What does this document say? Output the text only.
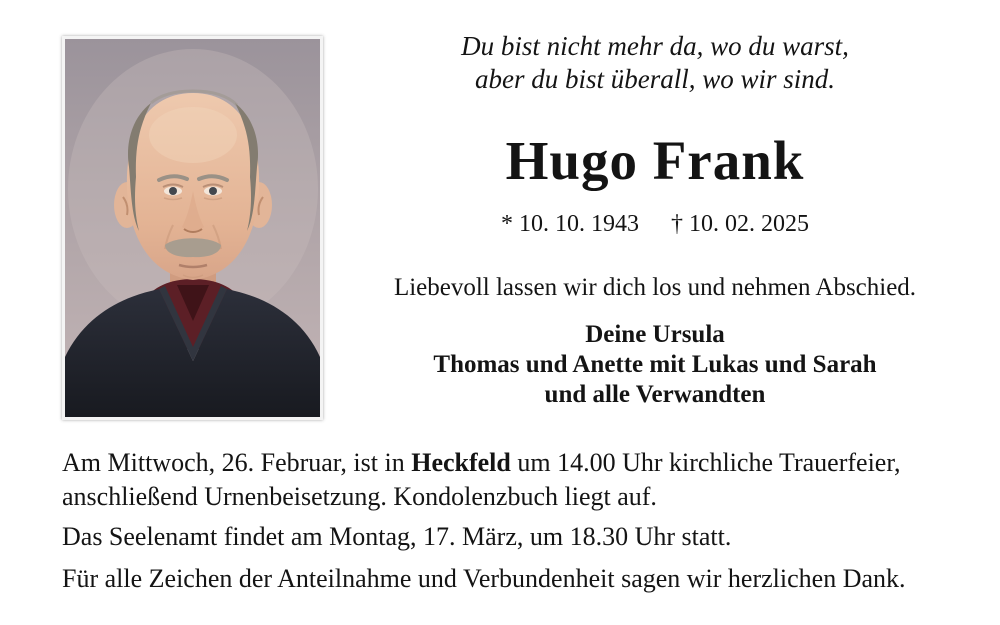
Du bist nicht mehr da, wo du warst,
aber du bist überall, wo wir sind.
Hugo Frank
* 10. 10. 1943 † 10. 02. 2025
Liebevoll lassen wir dich los und nehmen Abschied.
Deine Ursula
Thomas und Anette mit Lukas und Sarah
und alle Verwandten

Am Mittwoch, 26. Februar, ist in Heckfeld um 14.00 Uhr kirchliche Trauerfeier, anschließend Urnenbeisetzung. Kondolenzbuch liegt auf.

Das Seelenamt findet am Montag, 17. März, um 18.30 Uhr statt.

Für alle Zeichen der Anteilnahme und Verbundenheit sagen wir herzlichen Dank.
